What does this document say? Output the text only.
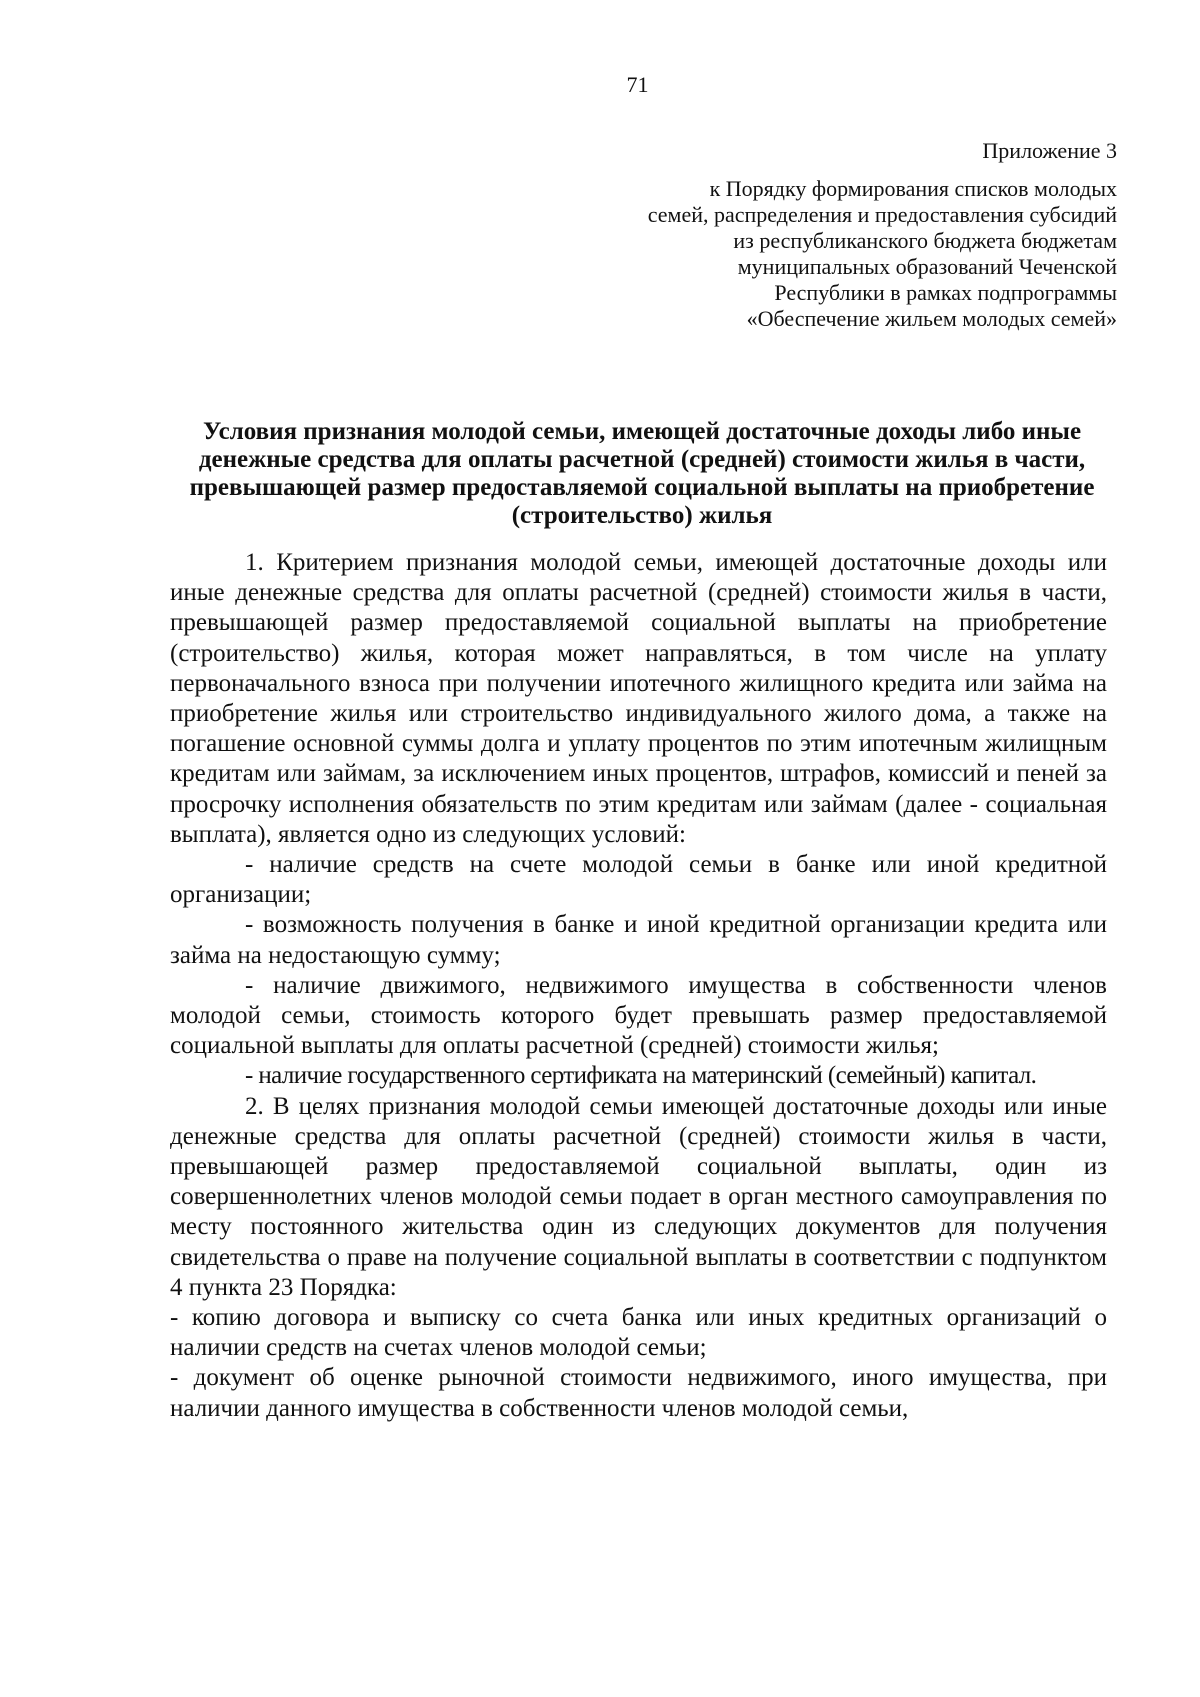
71
Приложение 3
к Порядку формирования списков молодых
семей, распределения и предоставления субсидий
из республиканского бюджета бюджетам
муниципальных образований Чеченской
Республики в рамках подпрограммы
«Обеспечение жильем молодых семей»
Условия признания молодой семьи, имеющей достаточные доходы либо иные денежные средства для оплаты расчетной (средней) стоимости жилья в части, превышающей размер предоставляемой социальной выплаты на приобретение (строительство) жилья

1. Критерием признания молодой семьи, имеющей достаточные доходы или иные денежные средства для оплаты расчетной (средней) стоимости жилья в части, превышающей размер предоставляемой социальной выплаты на приобретение (строительство) жилья, которая может направляться, в том числе на уплату первоначального взноса при получении ипотечного жилищного кредита или займа на приобретение жилья или строительство индивидуального жилого дома, а также на погашение основной суммы долга и уплату процентов по этим ипотечным жилищным кредитам или займам, за исключением иных процентов, штрафов, комиссий и пеней за просрочку исполнения обязательств по этим кредитам или займам (далее - социальная выплата), является одно из следующих условий:

- наличие средств на счете молодой семьи в банке или иной кредитной организации;

- возможность получения в банке и иной кредитной организации кредита или займа на недостающую сумму;

- наличие движимого, недвижимого имущества в собственности членов молодой семьи, стоимость которого будет превышать размер предоставляемой социальной выплаты для оплаты расчетной (средней) стоимости жилья;

- наличие государственного сертификата на материнский (семейный) капитал.

2. В целях признания молодой семьи имеющей достаточные доходы или иные денежные средства для оплаты расчетной (средней) стоимости жилья в части, превышающей размер предоставляемой социальной выплаты, один из совершеннолетних членов молодой семьи подает в орган местного самоуправления по месту постоянного жительства один из следующих документов для получения свидетельства о праве на получение социальной выплаты в соответствии с подпунктом 4 пункта 23 Порядка:

- копию договора и выписку со счета банка или иных кредитных организаций о наличии средств на счетах членов молодой семьи;

- документ об оценке рыночной стоимости недвижимого, иного имущества, при наличии данного имущества в собственности членов молодой семьи,
